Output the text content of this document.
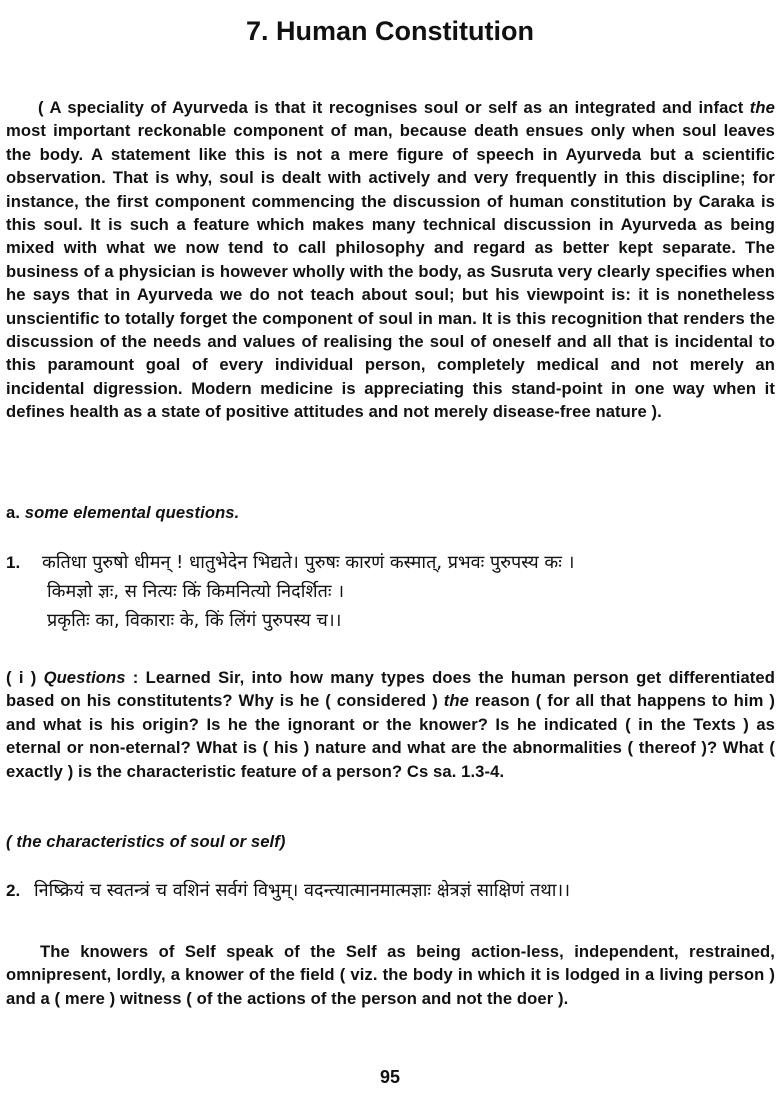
7. Human Constitution
( A speciality of Ayurveda is that it recognises soul or self as an integrated and infact the most important reckonable component of man, because death ensues only when soul leaves the body. A statement like this is not a mere figure of speech in Ayurveda but a scientific observation. That is why, soul is dealt with actively and very frequently in this discipline; for instance, the first component commencing the discussion of human constitution by Caraka is this soul. It is such a feature which makes many technical discussion in Ayurveda as being mixed with what we now tend to call philosophy and regard as better kept separate. The business of a physician is however wholly with the body, as Susruta very clearly specifies when he says that in Ayurveda we do not teach about soul; but his viewpoint is: it is nonetheless unscientific to totally forget the component of soul in man. It is this recognition that renders the discussion of the needs and values of realising the soul of oneself and all that is incidental to this paramount goal of every individual person, completely medical and not merely an incidental digression. Modern medicine is appreciating this stand-point in one way when it defines health as a state of positive attitudes and not merely disease-free nature ).
a. some elemental questions.
1. कतिधा पुरुषो धीमन् ! धातुभेदेन भिद्यते। पुरुषः कारणं कस्मात्, प्रभवः पुरुपस्य कः ।
किमज्ञो ज्ञः, स नित्यः किं किमनित्यो निदर्शितः ।
प्रकृतिः का, विकाराः के, किं लिंगं पुरुपस्य च।।
( i ) Questions : Learned Sir, into how many types does the human person get differentiated based on his constitutents? Why is he ( considered ) the reason ( for all that happens to him ) and what is his origin? Is he the ignorant or the knower? Is he indicated ( in the Texts ) as eternal or non-eternal? What is ( his ) nature and what are the abnormalities ( thereof )? What ( exactly ) is the characteristic feature of a person? Cs sa. 1.3-4.
( the characteristics of soul or self)
2. निष्क्रियं च स्वतन्त्रं च वशिनं सर्वगं विभुम्। वदन्त्यात्मानमात्मज्ञाः क्षेत्रज्ञं साक्षिणं तथा।।
The knowers of Self speak of the Self as being action-less, independent, restrained, omnipresent, lordly, a knower of the field ( viz. the body in which it is lodged in a living person ) and a ( mere ) witness ( of the actions of the person and not the doer ).
95
